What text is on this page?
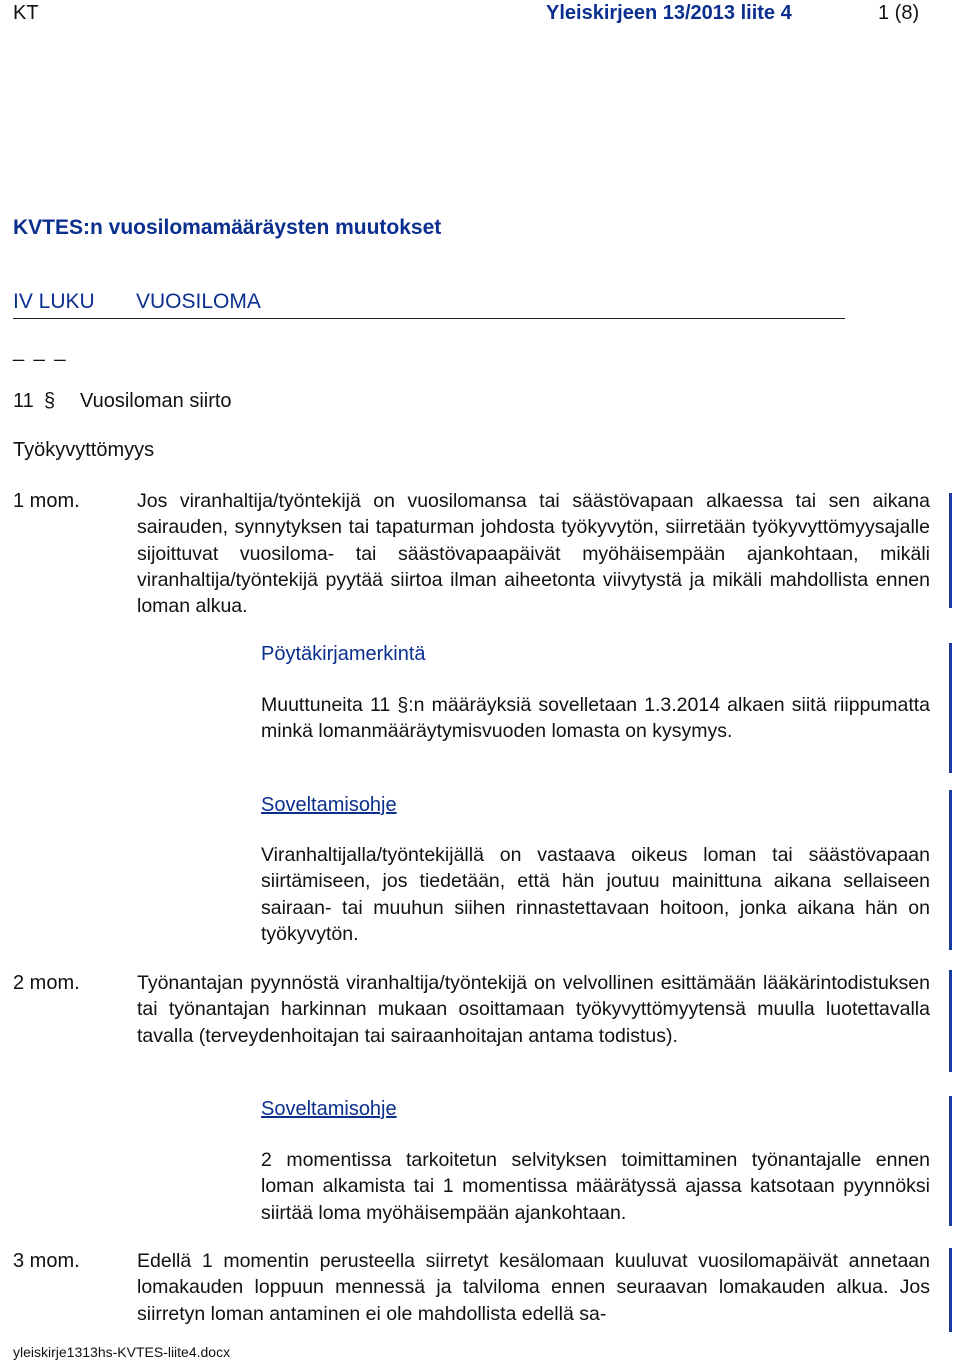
KT	Yleiskirjeen 13/2013 liite 4	1 (8)
KVTES:n vuosilomamääräysten muutokset
IV LUKU VUOSILOMA
_ _ _
11 § Vuosiloman siirto
Työkyvyttömyys
1 mom.	Jos viranhaltija/työntekijä on vuosilomansa tai säästövapaan alkaessa tai sen aikana sairauden, synnytyksen tai tapaturman johdosta työkyvytön, siirretään työkyvyttömyysajalle sijoittuvat vuosiloma- tai säästövapaapäivät myöhäisempään ajankohtaan, mikäli viranhaltija/työntekijä pyytää siirtoa ilman aiheetonta viivytystä ja mikäli mahdollista ennen loman alkua.
Pöytäkirjamerkintä
Muuttuneita 11 §:n määräyksiä sovelletaan 1.3.2014 alkaen siitä riippumatta minkä lomanmääräytymisvuoden lomasta on kysymys.
Soveltamisohje
Viranhaltijalla/työntekijällä on vastaava oikeus loman tai säästövapaan siirtämiseen, jos tiedetään, että hän joutuu mainittuna aikana sellaiseen sairaan- tai muuhun siihen rinnastettavaan hoitoon, jonka aikana hän on työkyvytön.
2 mom.	Työnantajan pyynnöstä viranhaltija/työntekijä on velvollinen esittämään lääkärintodistuksen tai työnantajan harkinnan mukaan osoittamaan työkyvyttömyytensä muulla luotettavalla tavalla (terveydenhoitajan tai sairaanhoitajan antama todistus).
Soveltamisohje
2 momentissa tarkoitetun selvityksen toimittaminen työnantajalle ennen loman alkamista tai 1 momentissa määrätyssä ajassa katsotaan pyynnöksi siirtää loma myöhäisempään ajankohtaan.
3 mom.	Edellä 1 momentin perusteella siirretyt kesälomaan kuuluvat vuosilomapäivät annetaan lomakauden loppuun mennessä ja talviloma ennen seuraavan lomakauden alkua. Jos siirretyn loman antaminen ei ole mahdollista edellä sa-
yleiskirje1313hs-KVTES-liite4.docx
